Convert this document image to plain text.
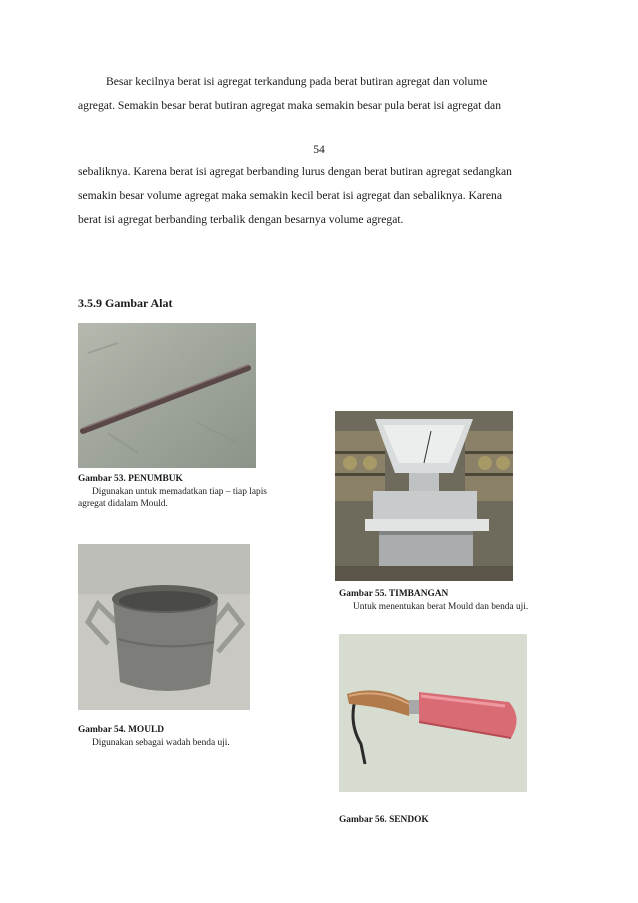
Besar kecilnya berat isi agregat terkandung pada berat butiran agregat dan volume
agregat. Semakin besar berat butiran agregat maka semakin besar pula berat isi agregat dan
54
sebaliknya. Karena berat isi agregat berbanding lurus dengan berat butiran agregat sedangkan
semakin besar volume agregat maka semakin kecil berat isi agregat dan sebaliknya. Karena
berat isi agregat berbanding terbalik dengan besarnya volume agregat.
3.5.9 Gambar Alat
Gambar 53. PENUMBUK
Digunakan untuk memadatkan tiap – tiap lapis
agregat didalam Mould.
Gambar 54. MOULD
Digunakan sebagai wadah benda uji.
Gambar 55. TIMBANGAN
Untuk menentukan berat Mould dan benda uji.
Gambar 56. SENDOK
